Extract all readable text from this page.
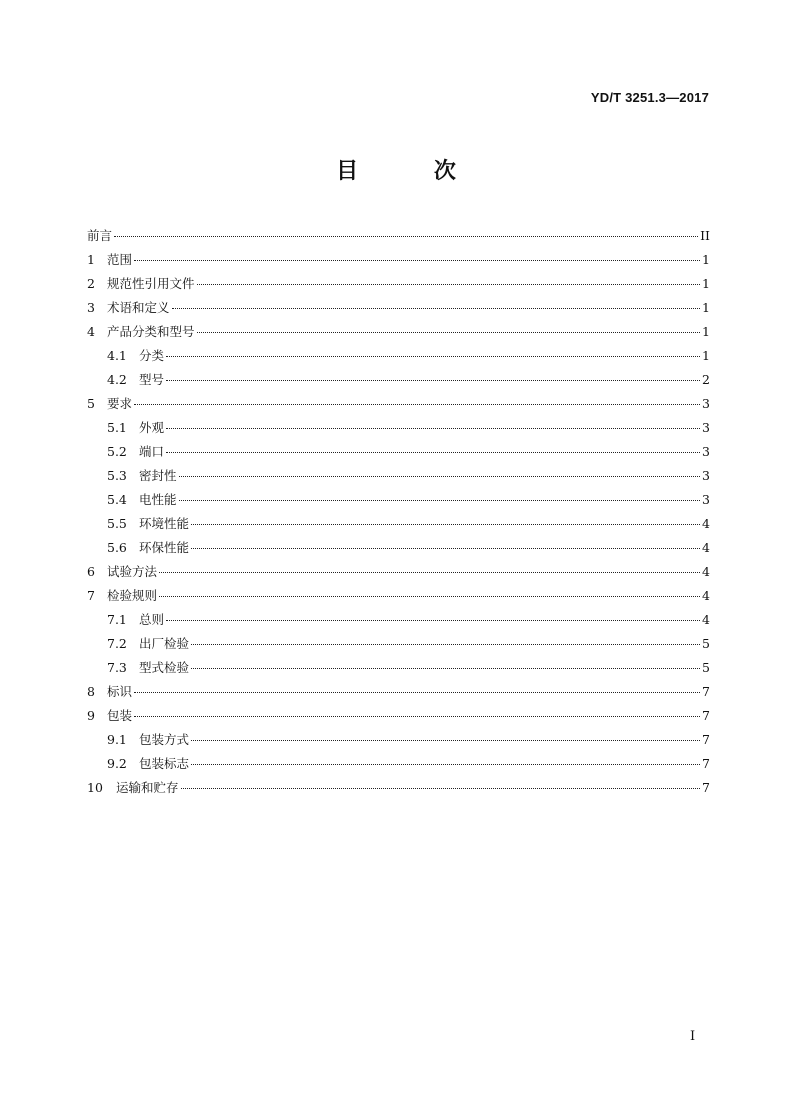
YD/T 3251.3—2017
目 次
前言	II
1 范围	1
2 规范性引用文件	1
3 术语和定义	1
4 产品分类和型号	1
4.1 分类	1
4.2 型号	2
5 要求	3
5.1 外观	3
5.2 端口	3
5.3 密封性	3
5.4 电性能	3
5.5 环境性能	4
5.6 环保性能	4
6 试验方法	4
7 检验规则	4
7.1 总则	4
7.2 出厂检验	5
7.3 型式检验	5
8 标识	7
9 包装	7
9.1 包装方式	7
9.2 包装标志	7
10	运输和贮存	7
I
